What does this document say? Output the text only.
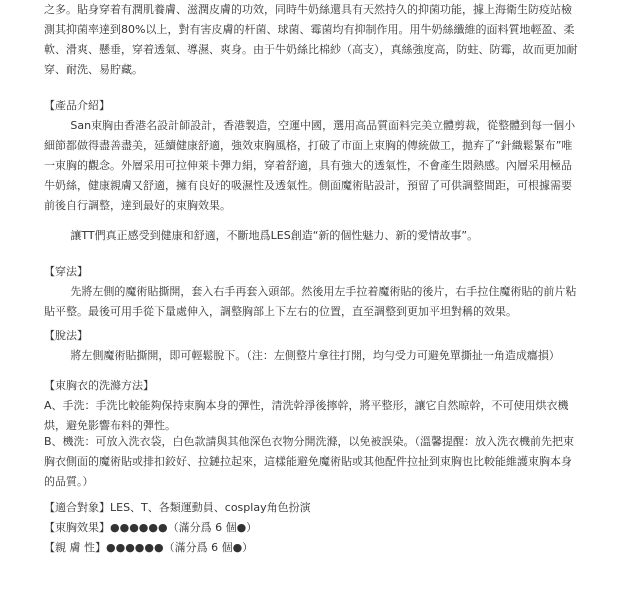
之多。貼身穿着有潤肌養膚、滋潤皮膚的功效，同時牛奶絲還具有天然持久的抑菌功能，據上海衛生防疫站檢測其抑菌率達到80%以上，對有害皮膚的杆菌、球菌、霉菌均有抑制作用。用牛奶絲纖維的面料質地輕盈、柔軟、滑爽、懸垂，穿着透氣、導濕、爽身。由于牛奶絲比棉紗（高支），真絲強度高，防蛀、防霉，故而更加耐穿、耐洗、易貯藏。

【產品介紹】

San束胸由香港名設計師設計，香港製造，空運中國，選用高品質面料完美立體剪裁，從整體到每一個小細節都做得盡善盡美，延續健康舒適，強效束胸風格，打破了市面上束胸的傳統做工，拋弃了“針織鬆緊布”唯一束胸的觀念。外層采用可拉伸萊卡彈力絹，穿着舒適，具有強大的透氣性，不會產生悶熱感。內層采用極品牛奶絲，健康親膚又舒適，擁有良好的吸濕性及透氣性。側面魔術貼設計，預留了可供調整間距，可根據需要前後自行調整，達到最好的束胸效果。

讓TT們真正感受到健康和舒適，不斷地爲LES創造“新的個性魅力、新的愛情故事”。

【穿法】

先將左側的魔術貼撕開，套入右手再套入頭部。然後用左手拉着魔術貼的後片，右手拉住魔術貼的前片粘貼平整。最後可用手從下量處伸入，調整胸部上下左右的位置，直至調整到更加平坦對稱的效果。

【脫法】

將左側魔術貼撕開，即可輕鬆脫下。（注：左側整片拿往打開，均勻受力可避免單撕扯一角造成癟損）

【束胸衣的洗滌方法】

A、手洗：手洗比較能夠保持束胸本身的彈性，清洗幹淨後擰幹，將平整形，讓它自然晾幹，不可使用烘衣機烘，避免影響布料的彈性。

B、機洗：可放入洗衣袋，白色款請與其他深色衣物分開洗滌，以免被誤染。（溫馨提醒：放入洗衣機前先把束胸衣側面的魔術貼或排扣鉸好、拉鏈拉起來，這樣能避免魔術貼或其他配件拉扯到束胸也比較能維護束胸本身的品質。）

【適合對象】LES、T、各類運動員、cosplay角色扮演

【束胸效果】●●●●●●（滿分爲 6 個●）

【親 膚 性】●●●●●●（滿分爲 6 個●）
